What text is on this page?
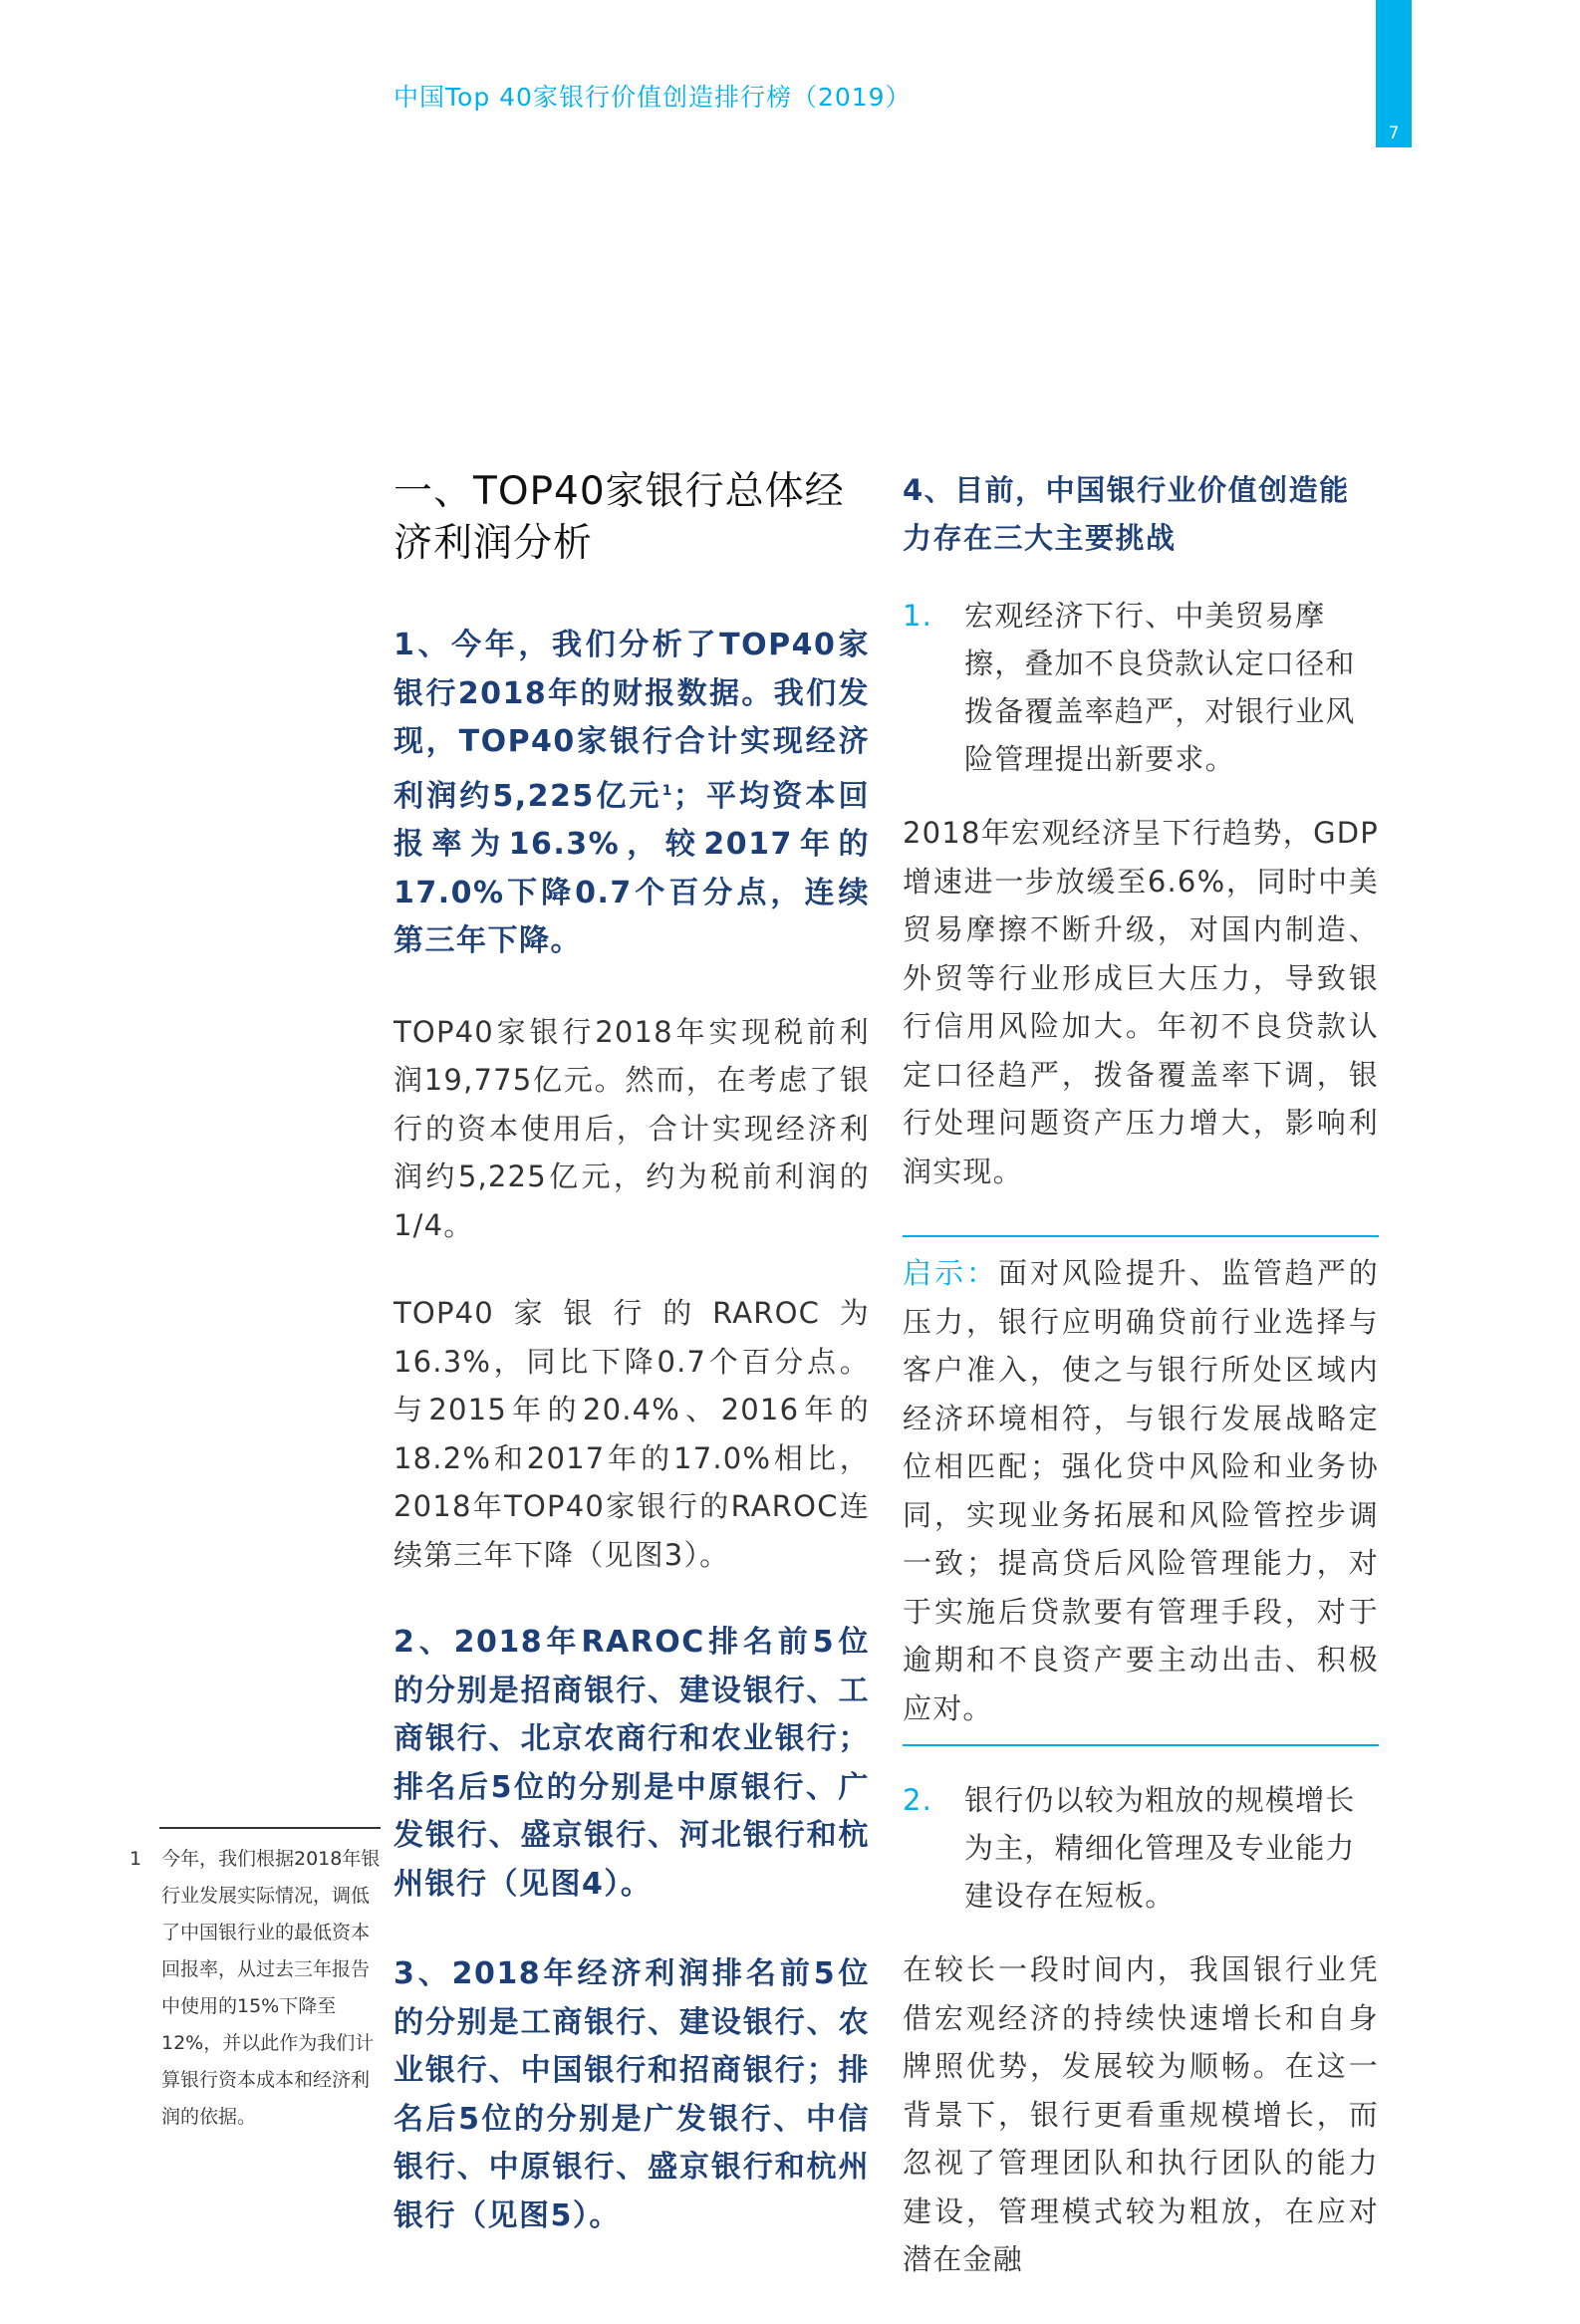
中国Top 40家银行价值创造排行榜（2019）
7
一、TOP40家银行总体经济利润分析
1、今年，我们分析了TOP40家银行2018年的财报数据。我们发现，TOP40家银行合计实现经济利润约5,225亿元$^1$；平均资本回报率为16.3%，较2017年的17.0%下降0.7个百分点，连续第三年下降。

TOP40家银行2018年实现税前利润19,775亿元。然而，在考虑了银行的资本使用后，合计实现经济利润约5,225亿元，约为税前利润的1/4。

TOP40家银行的RAROC为16.3%，同比下降0.7个百分点。与2015年的20.4%、2016年的18.2%和2017年的17.0%相比，2018年TOP40家银行的RAROC连续第三年下降（见图3）。

2、2018年RAROC排名前5位的分别是招商银行、建设银行、工商银行、北京农商行和农业银行；排名后5位的分别是中原银行、广发银行、盛京银行、河北银行和杭州银行（见图4）。
3、2018年经济利润排名前5位的分别是工商银行、建设银行、农业银行、中国银行和招商银行；排名后5位的分别是广发银行、中信银行、中原银行、盛京银行和杭州银行（见图5）。
4、目前，中国银行业价值创造能力存在三大主要挑战
1.	宏观经济下行、中美贸易摩擦，叠加不良贷款认定口径和拨备覆盖率趋严，对银行业风险管理提出新要求。

2018年宏观经济呈下行趋势，GDP增速进一步放缓至6.6%，同时中美贸易摩擦不断升级，对国内制造、外贸等行业形成巨大压力，导致银行信用风险加大。年初不良贷款认定口径趋严，拨备覆盖率下调，银行处理问题资产压力增大，影响利润实现。

启示：面对风险提升、监管趋严的压力，银行应明确贷前行业选择与客户准入，使之与银行所处区域内经济环境相符，与银行发展战略定位相匹配；强化贷中风险和业务协同，实现业务拓展和风险管控步调一致；提高贷后风险管理能力，对于实施后贷款要有管理手段，对于逾期和不良资产要主动出击、积极应对。

2.	银行仍以较为粗放的规模增长为主，精细化管理及专业能力建设存在短板。

在较长一段时间内，我国银行业凭借宏观经济的持续快速增长和自身牌照优势，发展较为顺畅。在这一背景下，银行更看重规模增长，而忽视了管理团队和执行团队的能力建设，管理模式较为粗放，在应对潜在金融

1	今年，我们根据2018年银行业发展实际情况，调低了中国银行业的最低资本回报率，从过去三年报告中使用的15%下降至12%，并以此作为我们计算银行资本成本和经济利润的依据。
